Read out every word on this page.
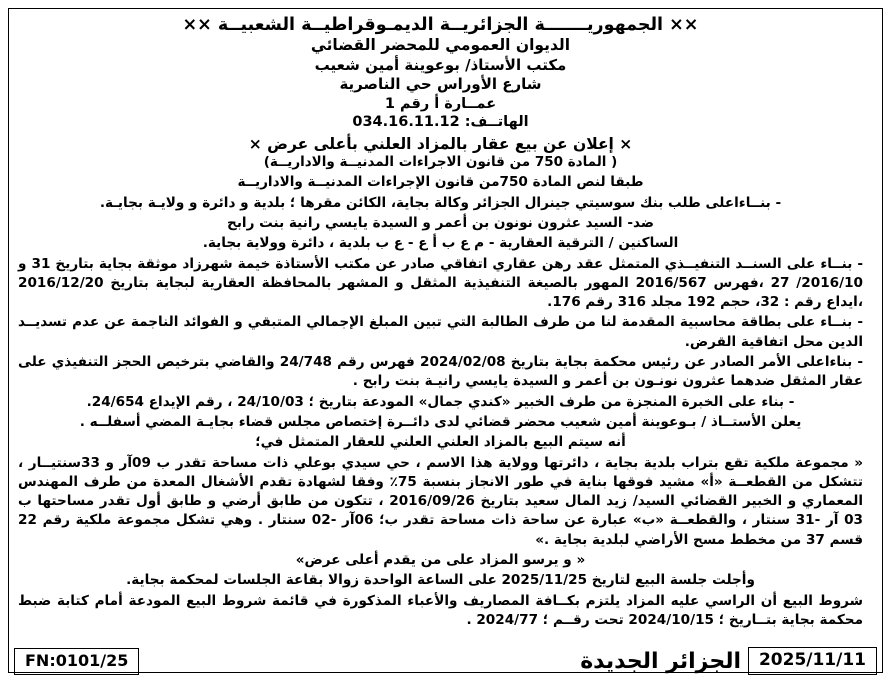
×× الجمهوريـــــــة الجزائريــة الديمـوقراطيــة الشعبيــة ××
الديوان العمومي للمحضر القضائي
مكتب الأستاذ/ بوعوينة أمين شعيب
شارع الأوراس حي الناصرية
عمــارة أ رقم 1
الهاتــف: 034.16.11.12
× إعلان عن بيع عقار بالمزاد العلني بأعلى عرض ×
( المادة 750 من قانون الاجراءات المدنيــة والاداريــة)

طبقا لنص المادة 750من قانون الإجراءات المدنيــة والاداريــة

- بنــاءاعلى طلب بنك سوسيتي جينرال الجزائر وكالة بجاية، الكائن مقرها ؛ بلدية و دائرة و ولايـة بجايـة.

ضد- السيد عثرون نونون بن أعمر و السيدة يايسي رانية بنت رابح

الساكنين / الترقية العقارية - م ع ب أ ع - ع ب بلدية ، دائرة وولاية بجاية.

- بنــاء على السنــد التنفيــذي المتمثل عقد رهن عقاري اتفاقي صادر عن مكتب الأستاذة خيمة شهرزاد موثقة بجاية بتاريخ 31 و 2016/10/ 27 ،فهرس 2016/567 المهور بالصيغة التنفيذية المثقل و المشهر بالمحافظة العقارية لبجاية بتاريخ 2016/12/20 ،ايداع رقم : 32، حجم 192 مجلد 316 رقم 176.

- بنــاء على بطاقة محاسبية المقدمة لنا من طرف الطالبة التي تبين المبلغ الإجمالي المتبقي و الفوائد الناجمة عن عدم تسديــد الدين محل اتفاقية القرض.

- بناءاعلى الأمر الصادر عن رئيس محكمة بجاية بتاريخ 2024/02/08 فهرس رقم 24/748 والقاضي بترخيص الحجز التنفيذي على عقار المثقل ضدهما عثرون نونـون بن أعمر و السيدة يايسي رانيـة بنت رابح .

- بناء على الخبرة المنجزة من طرف الخبير «كندي جمال» المودعة بتاريخ ؛ 24/10/03 ، رقم الإيداع 24/654.

يعلن الأستــاذ / بـوعوينة أمين شعيب محضر قضائي لدى دائــرة إختصاص مجلس قضاء بجايـة المضي أسفلــه .

أنه سيتم البيع بالمزاد العلني العلني للعقار المتمثل في؛

« مجموعة ملكية تقع بتراب بلدية بجاية ، دائرتها وولاية هذا الاسم ، حي سيدي بوعلي ذات مساحة تقدر ب 09آر و 33سنتيــار ، تتشكل من القطعــة «أ» مشيد فوقها بناية في طور الانجاز بنسبة 75٪ وفقا لشهادة تقدم الأشغال المعدة من طرف المهندس المعماري و الخبير القضائي السيد/ زيد المال سعيد بتاريخ 2016/09/26 ، تتكون من طابق أرضي و طابق أول تقدر مساحتها ب 03 آر -31 سنتار ، والقطعــة «ب» عبارة عن ساحة ذات مساحة تقدر ب؛ 06آر -02 سنتار . وهي تشكل مجموعة ملكية رقم 22 قسم 37 من مخطط مسح الأراضي لبلدية بجاية .»

« و يرسو المزاد على من يقدم أعلى عرض»

وأجلت جلسة البيع لتاريخ 2025/11/25 على الساعة الواحدة زوالا بقاعة الجلسات لمحكمة بجاية.

شروط البيع أن الراسي عليه المزاد يلتزم بكــافة المصاريف والأعباء المذكورة في قائمة شروط البيع المودعة أمام كتابة ضبط محكمة بجاية بتــاريخ ؛ 2024/10/15 تحت رقــم ؛ 2024/77 .

2025/11/11
الجزائر الجديدة
FN:0101/25
